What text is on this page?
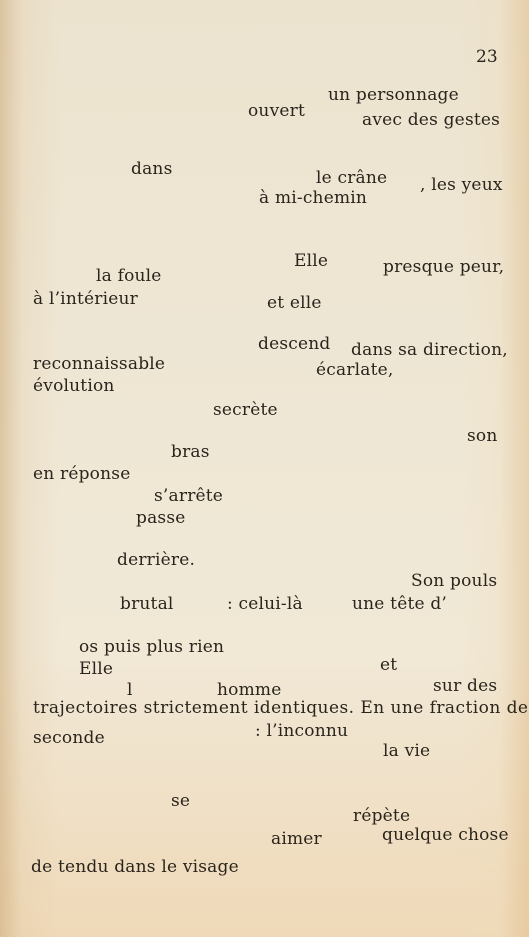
23
un personnage
ouvert	avec des gestes
dans	le crâne , les yeux
à mi-chemin
Elle	presque peur,
la foule
à l’intérieur	et elle
descend dans sa direction,
reconnaissable	écarlate,
évolution
secrète
son
bras
en réponse
s’arrête
passe
derrière.
Son pouls
brutal	: celui-là	une tête d’
os puis plus rien
Elle	et
l	homme	sur des
trajectoires strictement identiques. En une fraction de
seconde	: l’inconnu
la vie
se
répète
aimer	quelque chose
de tendu dans le visage
